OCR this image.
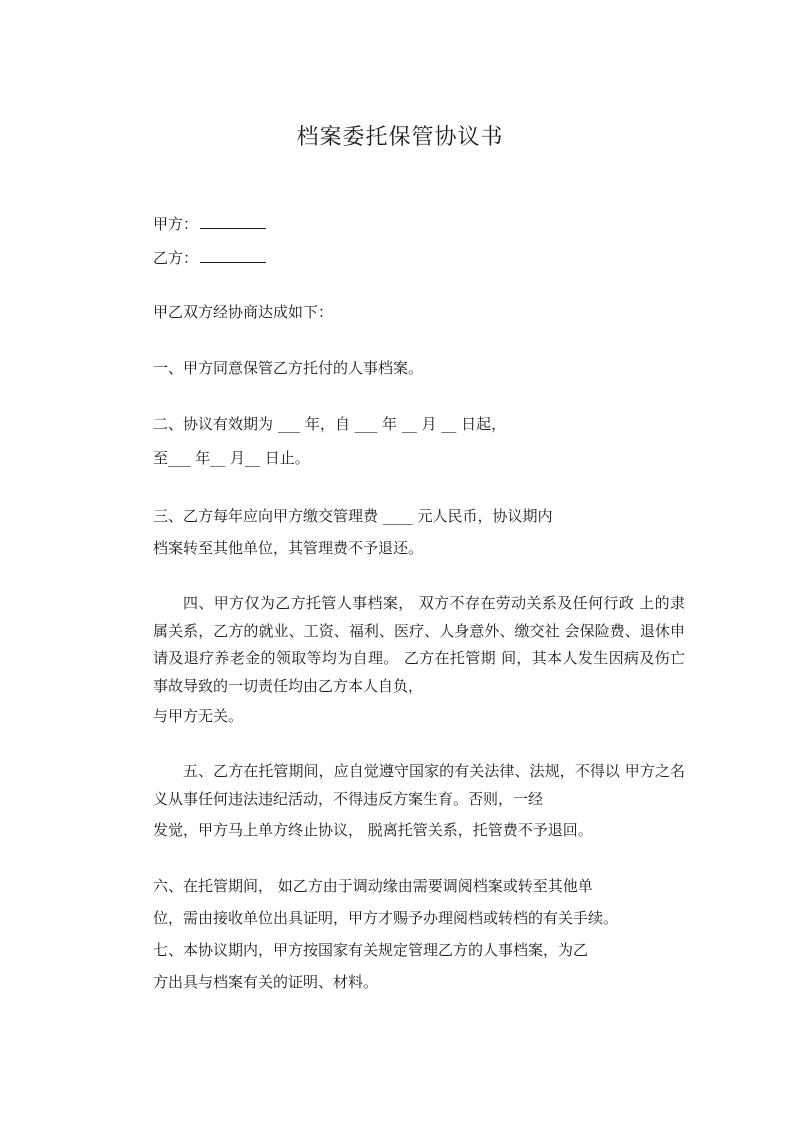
档案委托保管协议书
甲方：
乙方：
甲乙双方经协商达成如下：
一、甲方同意保管乙方托付的人事档案。
二、协议有效期为 ___ 年，自 ___ 年 __ 月 __ 日起，
至___ 年__ 月__ 日止。
三、乙方每年应向甲方缴交管理费 ____ 元人民币，协议期内
档案转至其他单位，其管理费不予退还。
四、甲方仅为乙方托管人事档案， 双方不存在劳动关系及任何行政 上的隶属关系，乙方的就业、工资、福利、医疗、人身意外、缴交社 会保险费、退休申请及退疗养老金的领取等均为自理。 乙方在托管期 间，其本人发生因病及伤亡事故导致的一切责任均由乙方本人自负，
与甲方无关。
五、乙方在托管期间，应自觉遵守国家的有关法律、法规，不得以 甲方之名义从事任何违法违纪活动，不得违反方案生育。否则，一经
发觉，甲方马上单方终止协议， 脱离托管关系，托管费不予退回。
六、在托管期间， 如乙方由于调动缘由需要调阅档案或转至其他单
位，需由接收单位出具证明，甲方才赐予办理阅档或转档的有关手续。
七、本协议期内，甲方按国家有关规定管理乙方的人事档案，为乙
方出具与档案有关的证明、材料。
